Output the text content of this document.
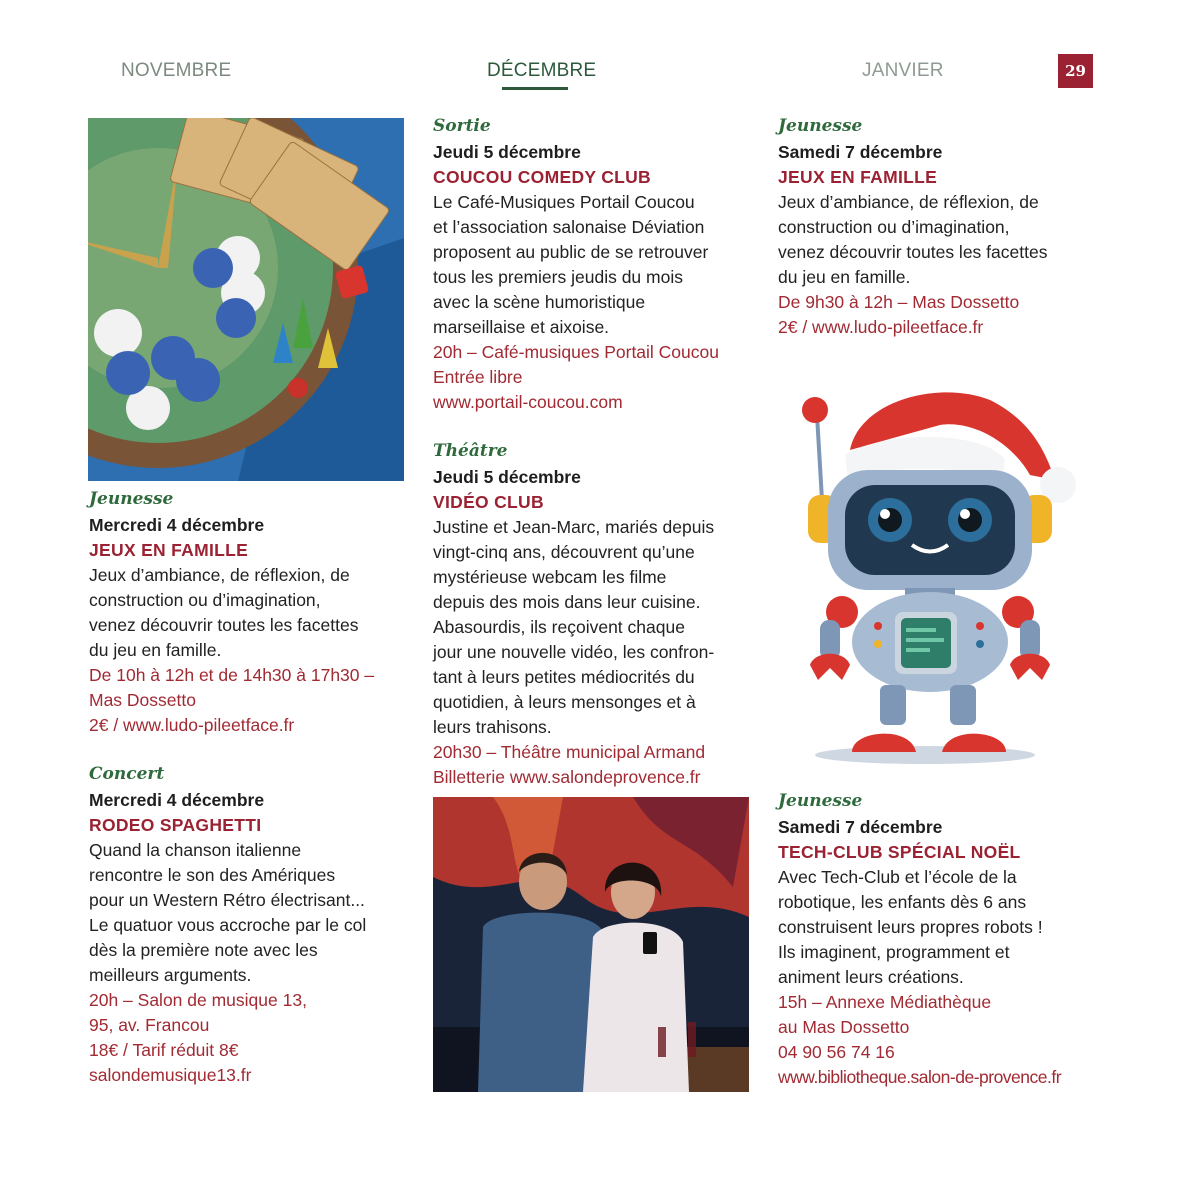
NOVEMBRE	DÉCEMBRE	JANVIER	29
Jeunesse
Mercredi 4 décembre
JEUX EN FAMILLE
Jeux d’ambiance, de réflexion, de
construction ou d’imagination,
venez découvrir toutes les facettes
du jeu en famille.
De 10h à 12h et de 14h30 à 17h30 –
Mas Dossetto
2€ / www.ludo-pileetface.fr
Concert
Mercredi 4 décembre
RODEO SPAGHETTI
Quand la chanson italienne
rencontre le son des Amériques
pour un Western Rétro électrisant...
Le quatuor vous accroche par le col
dès la première note avec les
meilleurs arguments.
20h – Salon de musique 13,
95, av. Francou
18€ / Tarif réduit 8€
salondemusique13.fr
Sortie
Jeudi 5 décembre
COUCOU COMEDY CLUB
Le Café-Musiques Portail Coucou
et l’association salonaise Déviation
proposent au public de se retrouver
tous les premiers jeudis du mois
avec la scène humoristique
marseillaise et aixoise.
20h – Café-musiques Portail Coucou
Entrée libre
www.portail-coucou.com
Théâtre
Jeudi 5 décembre
VIDÉO CLUB
Justine et Jean-Marc, mariés depuis
vingt-cinq ans, découvrent qu’une
mystérieuse webcam les filme
depuis des mois dans leur cuisine.
Abasourdis, ils reçoivent chaque
jour une nouvelle vidéo, les confron-
tant à leurs petites médiocrités du
quotidien, à leurs mensonges et à
leurs trahisons.
20h30 – Théâtre municipal Armand
Billetterie www.salondeprovence.fr
Jeunesse
Samedi 7 décembre
JEUX EN FAMILLE
Jeux d’ambiance, de réflexion, de
construction ou d’imagination,
venez découvrir toutes les facettes
du jeu en famille.
De 9h30 à 12h – Mas Dossetto
2€ / www.ludo-pileetface.fr
Jeunesse
Samedi 7 décembre
TECH-CLUB SPÉCIAL NOËL
Avec Tech-Club et l’école de la
robotique, les enfants dès 6 ans
construisent leurs propres robots !
Ils imaginent, programment et
animent leurs créations.
15h – Annexe Médiathèque
au Mas Dossetto
04 90 56 74 16
www.bibliotheque.salon-de-provence.fr
